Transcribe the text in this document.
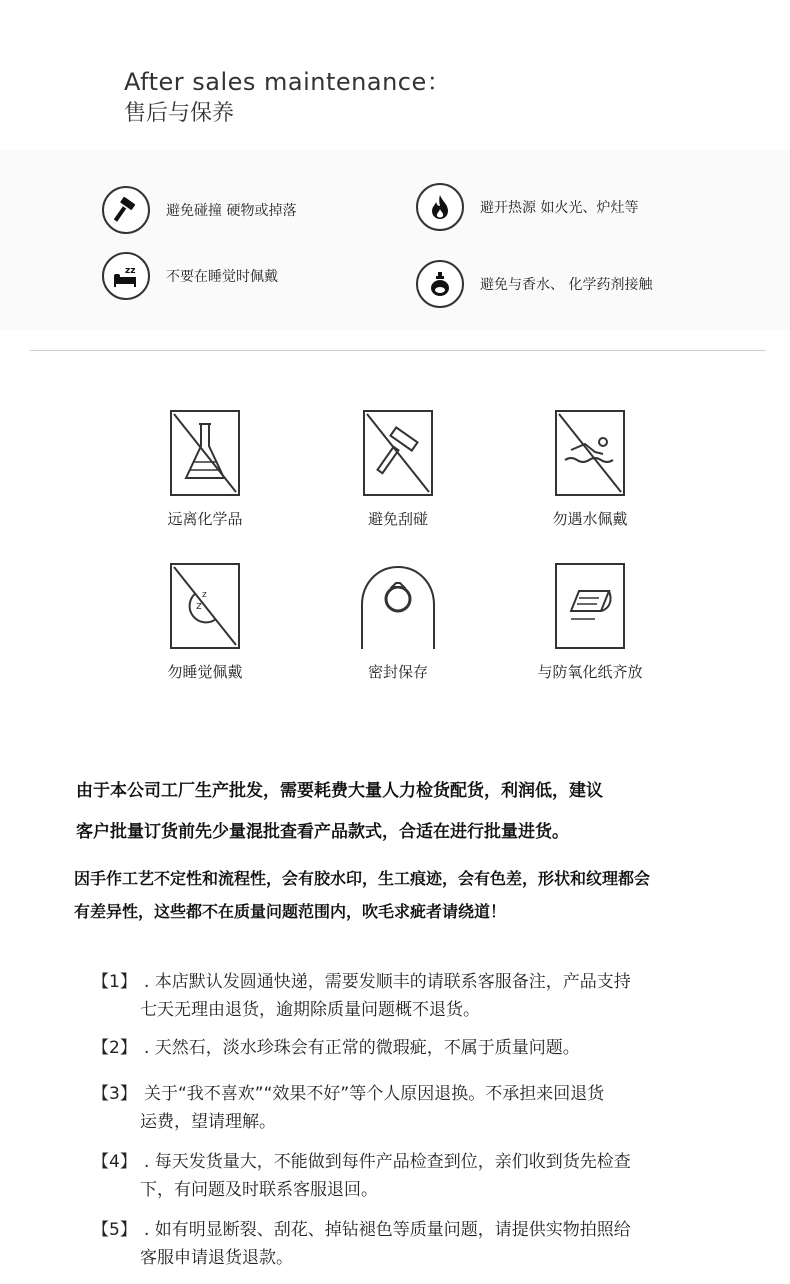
After sales maintenance：
售后与保养
避免碰撞 硬物或掉落	避开热源 如火光、炉灶等
zz 不要在睡觉时佩戴	避免与香水、 化学药剂接触
远离化学品	避免刮碰	勿遇水佩戴
z
z
勿睡觉佩戴	密封保存	与防氧化纸齐放
由于本公司工厂生产批发，需要耗费大量人力检货配货，利润低，建议
客户批量订货前先少量混批查看产品款式，合适在进行批量进货。
因手作工艺不定性和流程性，会有胶水印，生工痕迹，会有色差，形状和纹理都会
有差异性，这些都不在质量问题范围内，吹毛求疵者请绕道！
【1】 . 本店默认发圆通快递，需要发顺丰的请联系客服备注，产品支持
七天无理由退货，逾期除质量问题概不退货。
【2】 . 天然石，淡水珍珠会有正常的微瑕疵，不属于质量问题。
【3】 关于“我不喜欢”“效果不好”等个人原因退换。不承担来回退货
运费，望请理解。
【4】 . 每天发货量大，不能做到每件产品检查到位，亲们收到货先检查
下，有问题及时联系客服退回。
【5】 . 如有明显断裂、刮花、掉钻褪色等质量问题，请提供实物拍照给
客服申请退货退款。
